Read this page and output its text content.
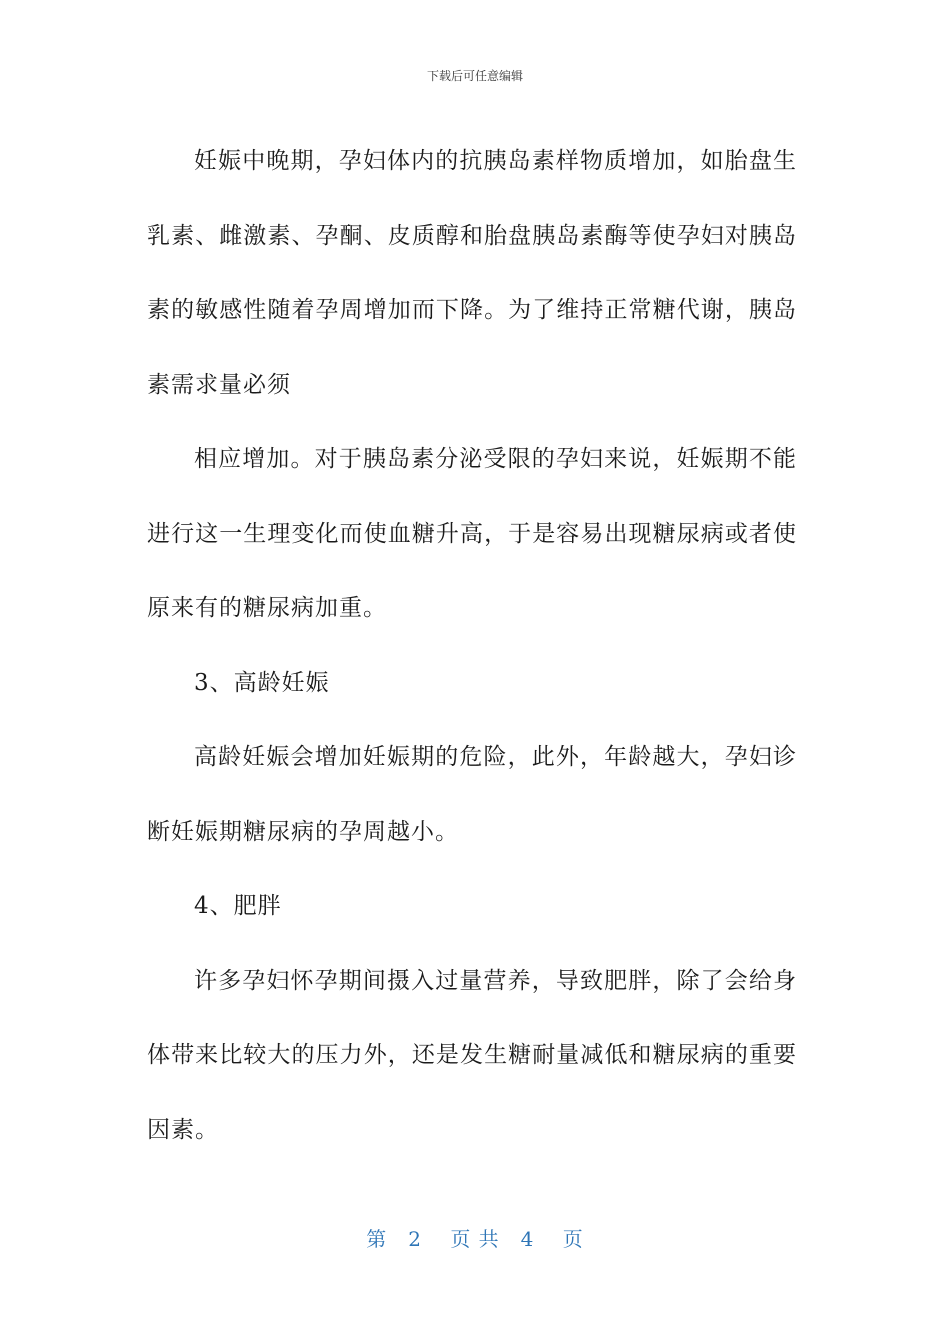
下载后可任意编辑

妊娠中晚期，孕妇体内的抗胰岛素样物质增加，如胎盘生乳素、雌激素、孕酮、皮质醇和胎盘胰岛素酶等使孕妇对胰岛素的敏感性随着孕周增加而下降。为了维持正常糖代谢，胰岛素需求量必须

相应增加。对于胰岛素分泌受限的孕妇来说，妊娠期不能进行这一生理变化而使血糖升高，于是容易出现糖尿病或者使原来有的糖尿病加重。

3、高龄妊娠

高龄妊娠会增加妊娠期的危险，此外，年龄越大，孕妇诊断妊娠期糖尿病的孕周越小。

4、肥胖

许多孕妇怀孕期间摄入过量营养，导致肥胖，除了会给身体带来比较大的压力外，还是发生糖耐量减低和糖尿病的重要因素。

第　2　 页 共　4　 页
